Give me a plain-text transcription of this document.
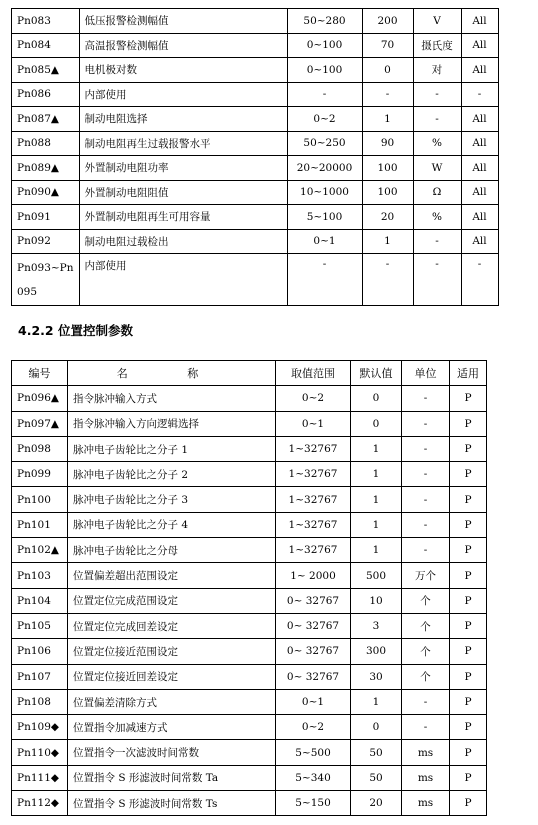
Pn083	低压报警检测幅值	50~280	200	V	All
Pn084	高温报警检测幅值	0~100	70	摄氏度	All
Pn085▲	电机极对数	0~100	0	对	All
Pn086	内部使用	-	-	-	-
Pn087▲	制动电阻选择	0~2	1	-	All
Pn088	制动电阻再生过载报警水平	50~250	90	%	All
Pn089▲	外置制动电阻功率	20~20000	100	W	All
Pn090▲	外置制动电阻阻值	10~1000	100	Ω	All
Pn091	外置制动电阻再生可用容量	5~100	20	%	All
Pn092	制动电阻过载检出	0~1	1	-	All
Pn093~Pn 095	内部使用	-	-	-	-
4.2.2 位置控制参数
编号	名 称	取值范围	默认值	单位	适用
Pn096▲	指令脉冲输入方式	0~2	0	-	P
Pn097▲	指令脉冲输入方向逻辑选择	0~1	0	-	P
Pn098	脉冲电子齿轮比之分子 1	1~32767	1	-	P
Pn099	脉冲电子齿轮比之分子 2	1~32767	1	-	P
Pn100	脉冲电子齿轮比之分子 3	1~32767	1	-	P
Pn101	脉冲电子齿轮比之分子 4	1~32767	1	-	P
Pn102▲	脉冲电子齿轮比之分母	1~32767	1	-	P
Pn103	位置偏差超出范围设定	1~ 2000	500	万个	P
Pn104	位置定位完成范围设定	0~ 32767	10	个	P
Pn105	位置定位完成回差设定	0~ 32767	3	个	P
Pn106	位置定位接近范围设定	0~ 32767	300	个	P
Pn107	位置定位接近回差设定	0~ 32767	30	个	P
Pn108	位置偏差清除方式	0~1	1	-	P
Pn109◆	位置指令加减速方式	0~2	0	-	P
Pn110◆	位置指令一次滤波时间常数	5~500	50	ms	P
Pn111◆	位置指令 S 形滤波时间常数 Ta	5~340	50	ms	P
Pn112◆	位置指令 S 形滤波时间常数 Ts	5~150	20	ms	P
